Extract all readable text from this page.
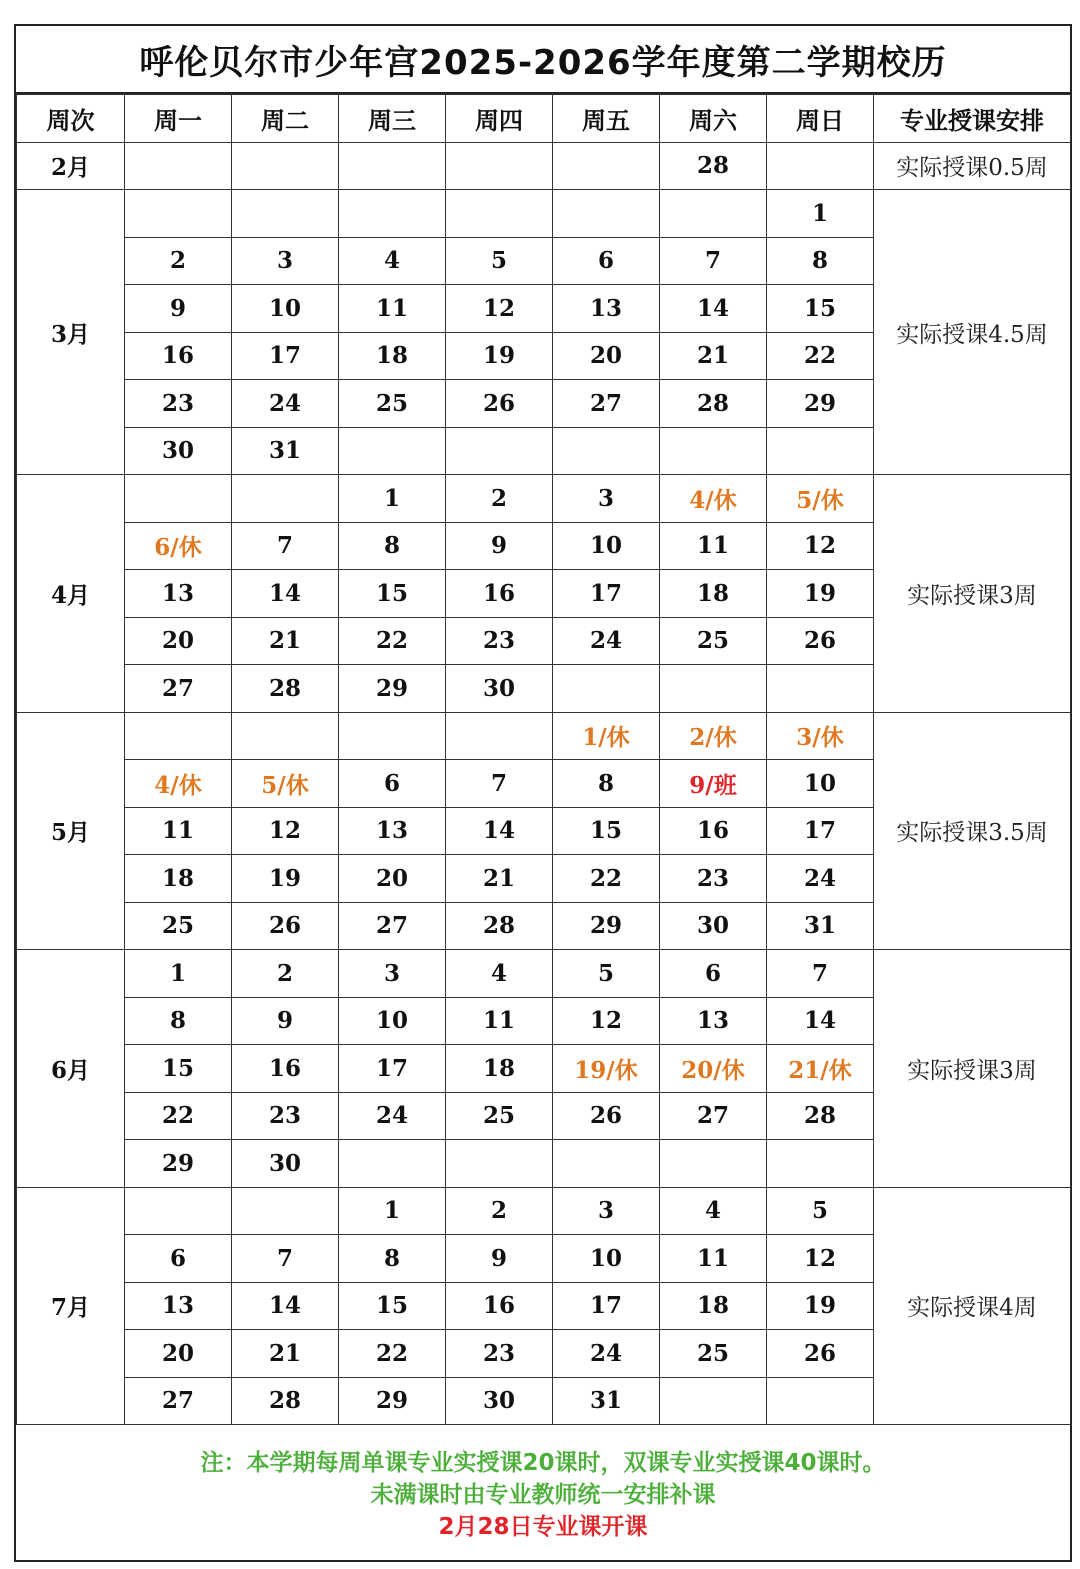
呼伦贝尔市少年宫2025-2026学年度第二学期校历
周次	周一	周二	周三	周四	周五	周六	周日	专业授课安排
2月						28		实际授课0.5周
3月							1	实际授课4.5周
	2	3	4	5	6	7	8	
	9	10	11	12	13	14	15	
	16	17	18	19	20	21	22	
	23	24	25	26	27	28	29	
	30	31						
4月			1	2	3	4/休	5/休	实际授课3周
	6/休	7	8	9	10	11	12	
	13	14	15	16	17	18	19	
	20	21	22	23	24	25	26	
	27	28	29	30				
5月					1/休	2/休	3/休	实际授课3.5周
	4/休	5/休	6	7	8	9/班	10	
	11	12	13	14	15	16	17	
	18	19	20	21	22	23	24	
	25	26	27	28	29	30	31	
6月	1	2	3	4	5	6	7	实际授课3周
	8	9	10	11	12	13	14	
	15	16	17	18	19/休	20/休	21/休	
	22	23	24	25	26	27	28	
	29	30						
7月			1	2	3	4	5	实际授课4周
	6	7	8	9	10	11	12	
	13	14	15	16	17	18	19	
	20	21	22	23	24	25	26	
	27	28	29	30	31			
注：本学期每周单课专业实授课20课时，双课专业实授课40课时。
未满课时由专业教师统一安排补课
2月28日专业课开课
